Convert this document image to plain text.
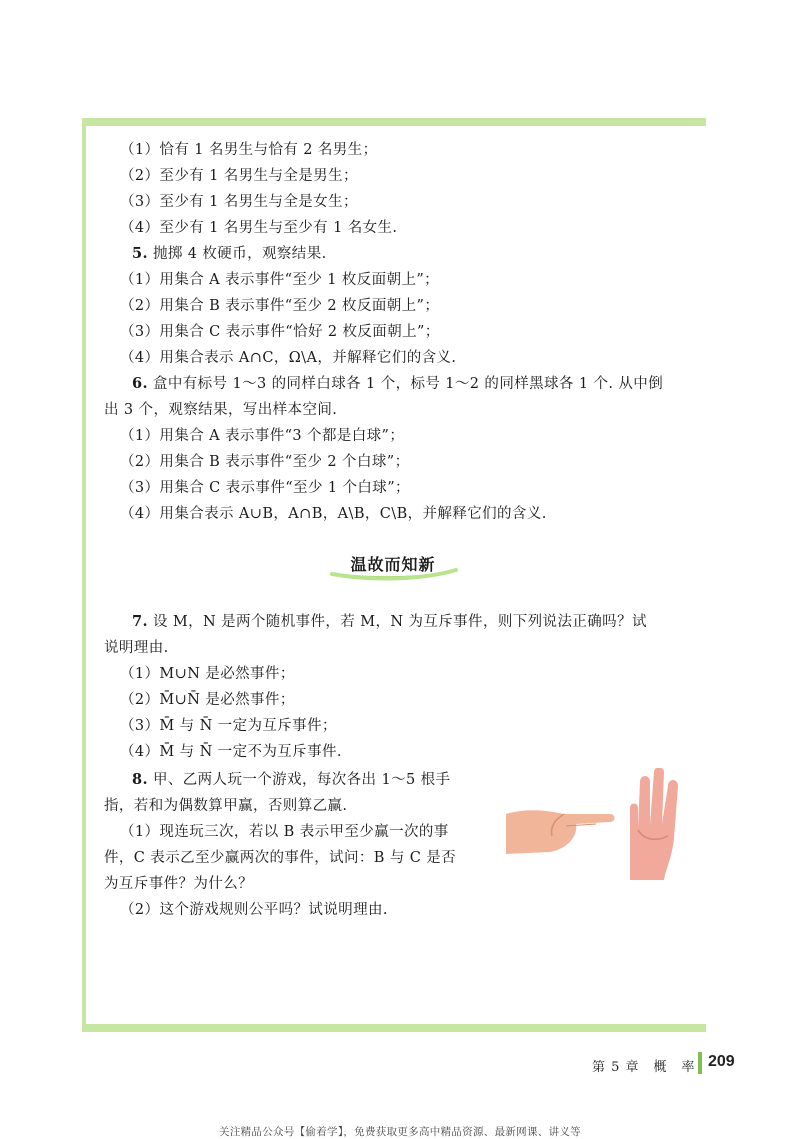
（1）恰有 1 名男生与恰有 2 名男生；
（2）至少有 1 名男生与全是男生；
（3）至少有 1 名男生与全是女生；
（4）至少有 1 名男生与至少有 1 名女生.
5. 抛掷 4 枚硬币，观察结果.
（1）用集合 A 表示事件“至少 1 枚反面朝上”；
（2）用集合 B 表示事件“至少 2 枚反面朝上”；
（3）用集合 C 表示事件“恰好 2 枚反面朝上”；
（4）用集合表示 A∩C，Ω\A，并解释它们的含义.
6. 盒中有标号 1～3 的同样白球各 1 个，标号 1～2 的同样黑球各 1 个. 从中倒
出 3 个，观察结果，写出样本空间.
（1）用集合 A 表示事件“3 个都是白球”；
（2）用集合 B 表示事件“至少 2 个白球”；
（3）用集合 C 表示事件“至少 1 个白球”；
（4）用集合表示 A∪B，A∩B，A\B，C\B，并解释它们的含义.
温故而知新
7. 设 M，N 是两个随机事件，若 M，N 为互斥事件，则下列说法正确吗？试
说明理由.
（1）M∪N 是必然事件；
（2）M̄∪N̄ 是必然事件；
（3）M̄ 与 N̄ 一定为互斥事件；
（4）M̄ 与 N̄ 一定不为互斥事件.
8. 甲、乙两人玩一个游戏，每次各出 1～5 根手
指，若和为偶数算甲赢，否则算乙赢.
（1）现连玩三次，若以 B 表示甲至少赢一次的事
件，C 表示乙至少赢两次的事件，试问：B 与 C 是否
为互斥事件？为什么？
（2）这个游戏规则公平吗？试说明理由.
第 5 章　概　率 209
关注精品公众号【偷着学】，免费获取更多高中精品资源、最新网课、讲义等
